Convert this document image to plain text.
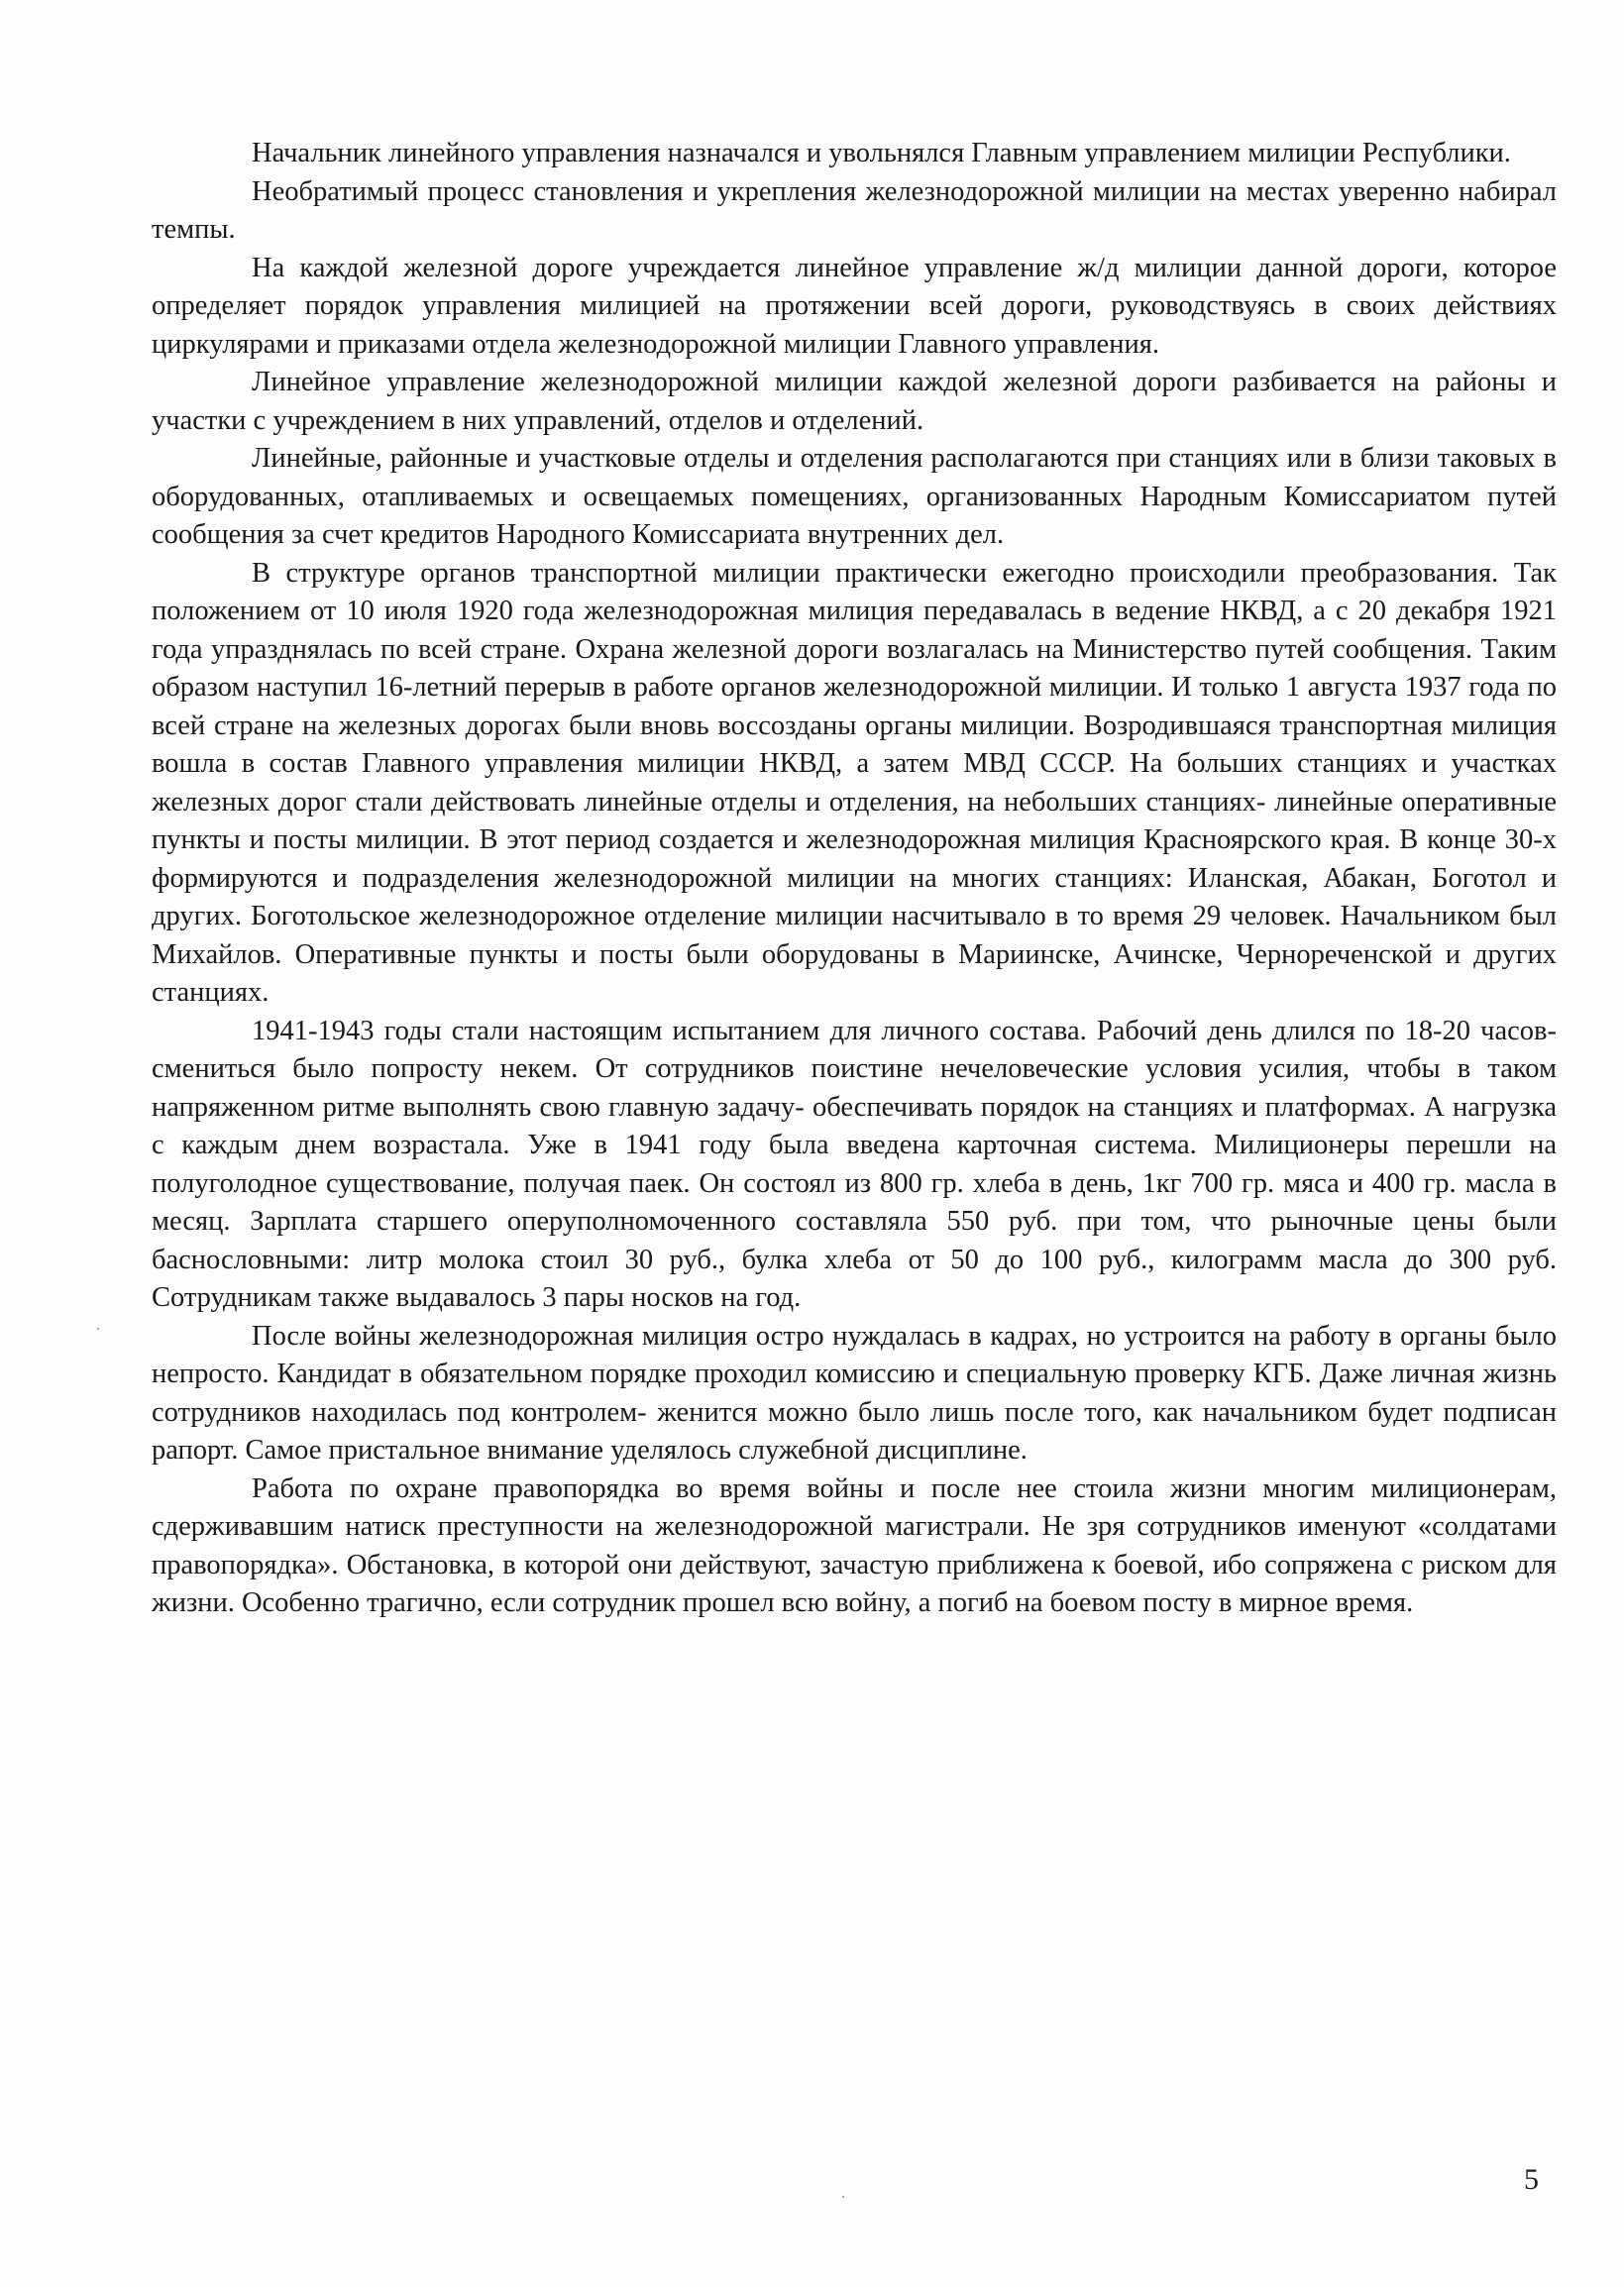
Начальник линейного управления назначался и увольнялся Главным управлением милиции Республики.

Необратимый процесс становления и укрепления железнодорожной милиции на местах уверенно набирал темпы.

На каждой железной дороге учреждается линейное управление ж/д милиции данной дороги, которое определяет порядок управления милицией на протяжении всей дороги, руководствуясь в своих действиях циркулярами и приказами отдела железнодорожной милиции Главного управления.

Линейное управление железнодорожной милиции каждой железной дороги разбивается на районы и участки с учреждением в них управлений, отделов и отделений.

Линейные, районные и участковые отделы и отделения располагаются при станциях или в близи таковых в оборудованных, отапливаемых и освещаемых помещениях, организованных Народным Комиссариатом путей сообщения за счет кредитов Народного Комиссариата внутренних дел.

В структуре органов транспортной милиции практически ежегодно происходили преобразования. Так положением от 10 июля 1920 года железнодорожная милиция передавалась в ведение НКВД, а с 20 декабря 1921 года упразднялась по всей стране. Охрана железной дороги возлагалась на Министерство путей сообщения. Таким образом наступил 16-летний перерыв в работе органов железнодорожной милиции. И только 1 августа 1937 года по всей стране на железных дорогах были вновь воссозданы органы милиции. Возродившаяся транспортная милиция вошла в состав Главного управления милиции НКВД, а затем МВД СССР. На больших станциях и участках железных дорог стали действовать линейные отделы и отделения, на небольших станциях- линейные оперативные пункты и посты милиции. В этот период создается и железнодорожная милиция Красноярского края. В конце 30-х формируются и подразделения железнодорожной милиции на многих станциях: Иланская, Абакан, Боготол и других. Боготольское железнодорожное отделение милиции насчитывало в то время 29 человек. Начальником был Михайлов. Оперативные пункты и посты были оборудованы в Мариинске, Ачинске, Чернореченской и других станциях.

1941-1943 годы стали настоящим испытанием для личного состава. Рабочий день длился по 18-20 часов- смениться было попросту некем. От сотрудников поистине нечеловеческие условия усилия, чтобы в таком напряженном ритме выполнять свою главную задачу- обеспечивать порядок на станциях и платформах. А нагрузка с каждым днем возрастала. Уже в 1941 году была введена карточная система. Милиционеры перешли на полуголодное существование, получая паек. Он состоял из 800 гр. хлеба в день, 1кг 700 гр. мяса и 400 гр. масла в месяц. Зарплата старшего оперуполномоченного составляла 550 руб. при том, что рыночные цены были баснословными: литр молока стоил 30 руб., булка хлеба от 50 до 100 руб., килограмм масла до 300 руб. Сотрудникам также выдавалось 3 пары носков на год.

После войны железнодорожная милиция остро нуждалась в кадрах, но устроится на работу в органы было непросто. Кандидат в обязательном порядке проходил комиссию и специальную проверку КГБ. Даже личная жизнь сотрудников находилась под контролем- женится можно было лишь после того, как начальником будет подписан рапорт. Самое пристальное внимание уделялось служебной дисциплине.

Работа по охране правопорядка во время войны и после нее стоила жизни многим милиционерам, сдерживавшим натиск преступности на железнодорожной магистрали. Не зря сотрудников именуют «солдатами правопорядка». Обстановка, в которой они действуют, зачастую приближена к боевой, ибо сопряжена с риском для жизни. Особенно трагично, если сотрудник прошел всю войну, а погиб на боевом посту в мирное время.

5
